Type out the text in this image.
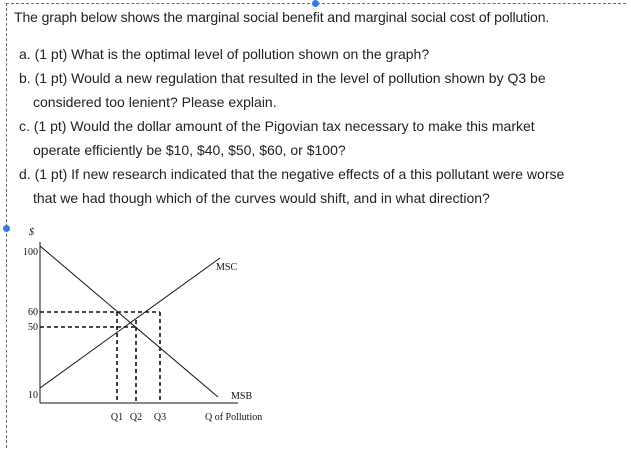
The graph below shows the marginal social benefit and marginal social cost of pollution.
a. (1 pt) What is the optimal level of pollution shown on the graph?
b. (1 pt) Would a new regulation that resulted in the level of pollution shown by Q3 be
considered too lenient? Please explain.
c. (1 pt) Would the dollar amount of the Pigovian tax necessary to make this market
operate efficiently be $10, $40, $50, $60, or $100?
d. (1 pt) If new research indicated that the negative effects of a this pollutant were worse
that we had though which of the curves would shift, and in what direction?
$
100
60
50
10
Q1 Q2 Q3	Q of Pollution
MSC
MSB
